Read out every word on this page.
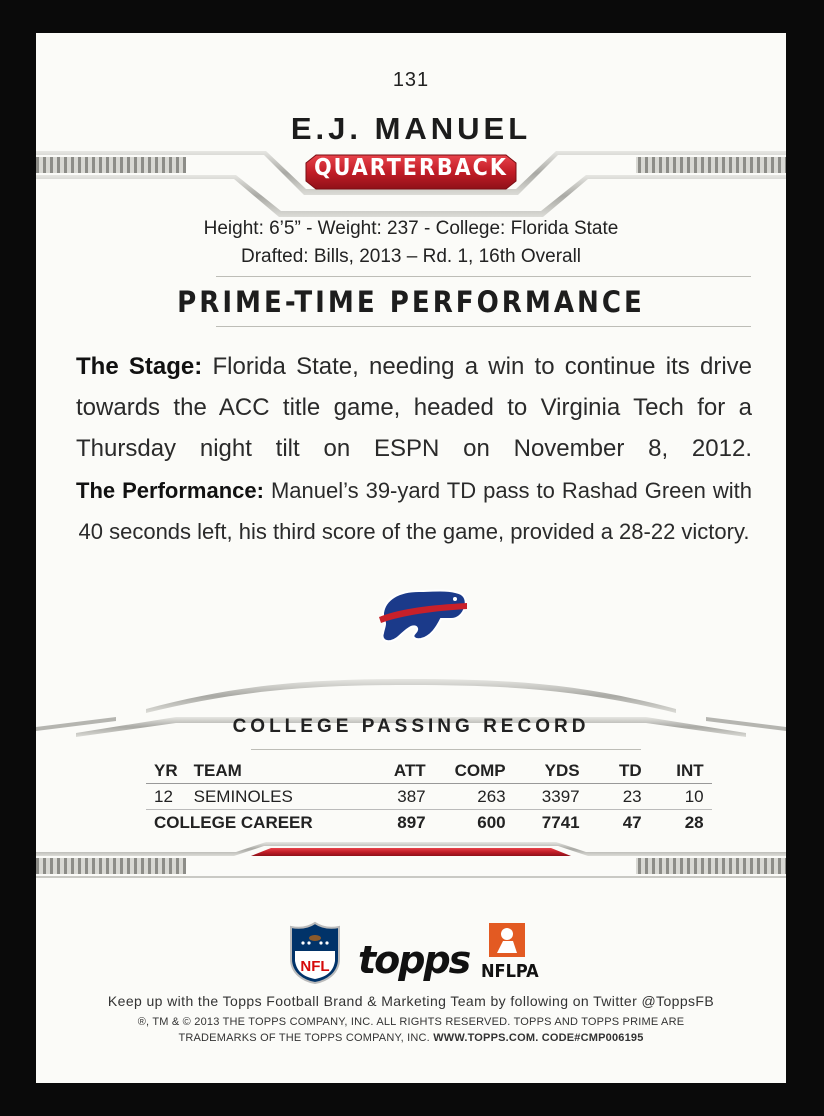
131
E.J. MANUEL
QUARTERBACK
Height: 6’5” - Weight: 237 - College: Florida State
Drafted: Bills, 2013 – Rd. 1, 16th Overall
PRIME-TIME PERFORMANCE
The Stage: Florida State, needing a win to continue its drive towards the ACC title game, headed to Virginia Tech for a Thursday night tilt on ESPN on November 8, 2012.
The Performance: Manuel’s 39-yard TD pass to Rashad Green with
40 seconds left, his third score of the game, provided a 28-22 victory.
COLLEGE PASSING RECORD
YR	TEAM	ATT	COMP	YDS	TD	INT
12	SEMINOLES	387	263	3397	23	10
COLLEGE CAREER		897	600	7741	47	28
NFL topps NFLPA
Keep up with the Topps Football Brand & Marketing Team by following on Twitter @ToppsFB
®, TM & © 2013 THE TOPPS COMPANY, INC. ALL RIGHTS RESERVED. TOPPS AND TOPPS PRIME ARE
TRADEMARKS OF THE TOPPS COMPANY, INC. WWW.TOPPS.COM. CODE#CMP006195
